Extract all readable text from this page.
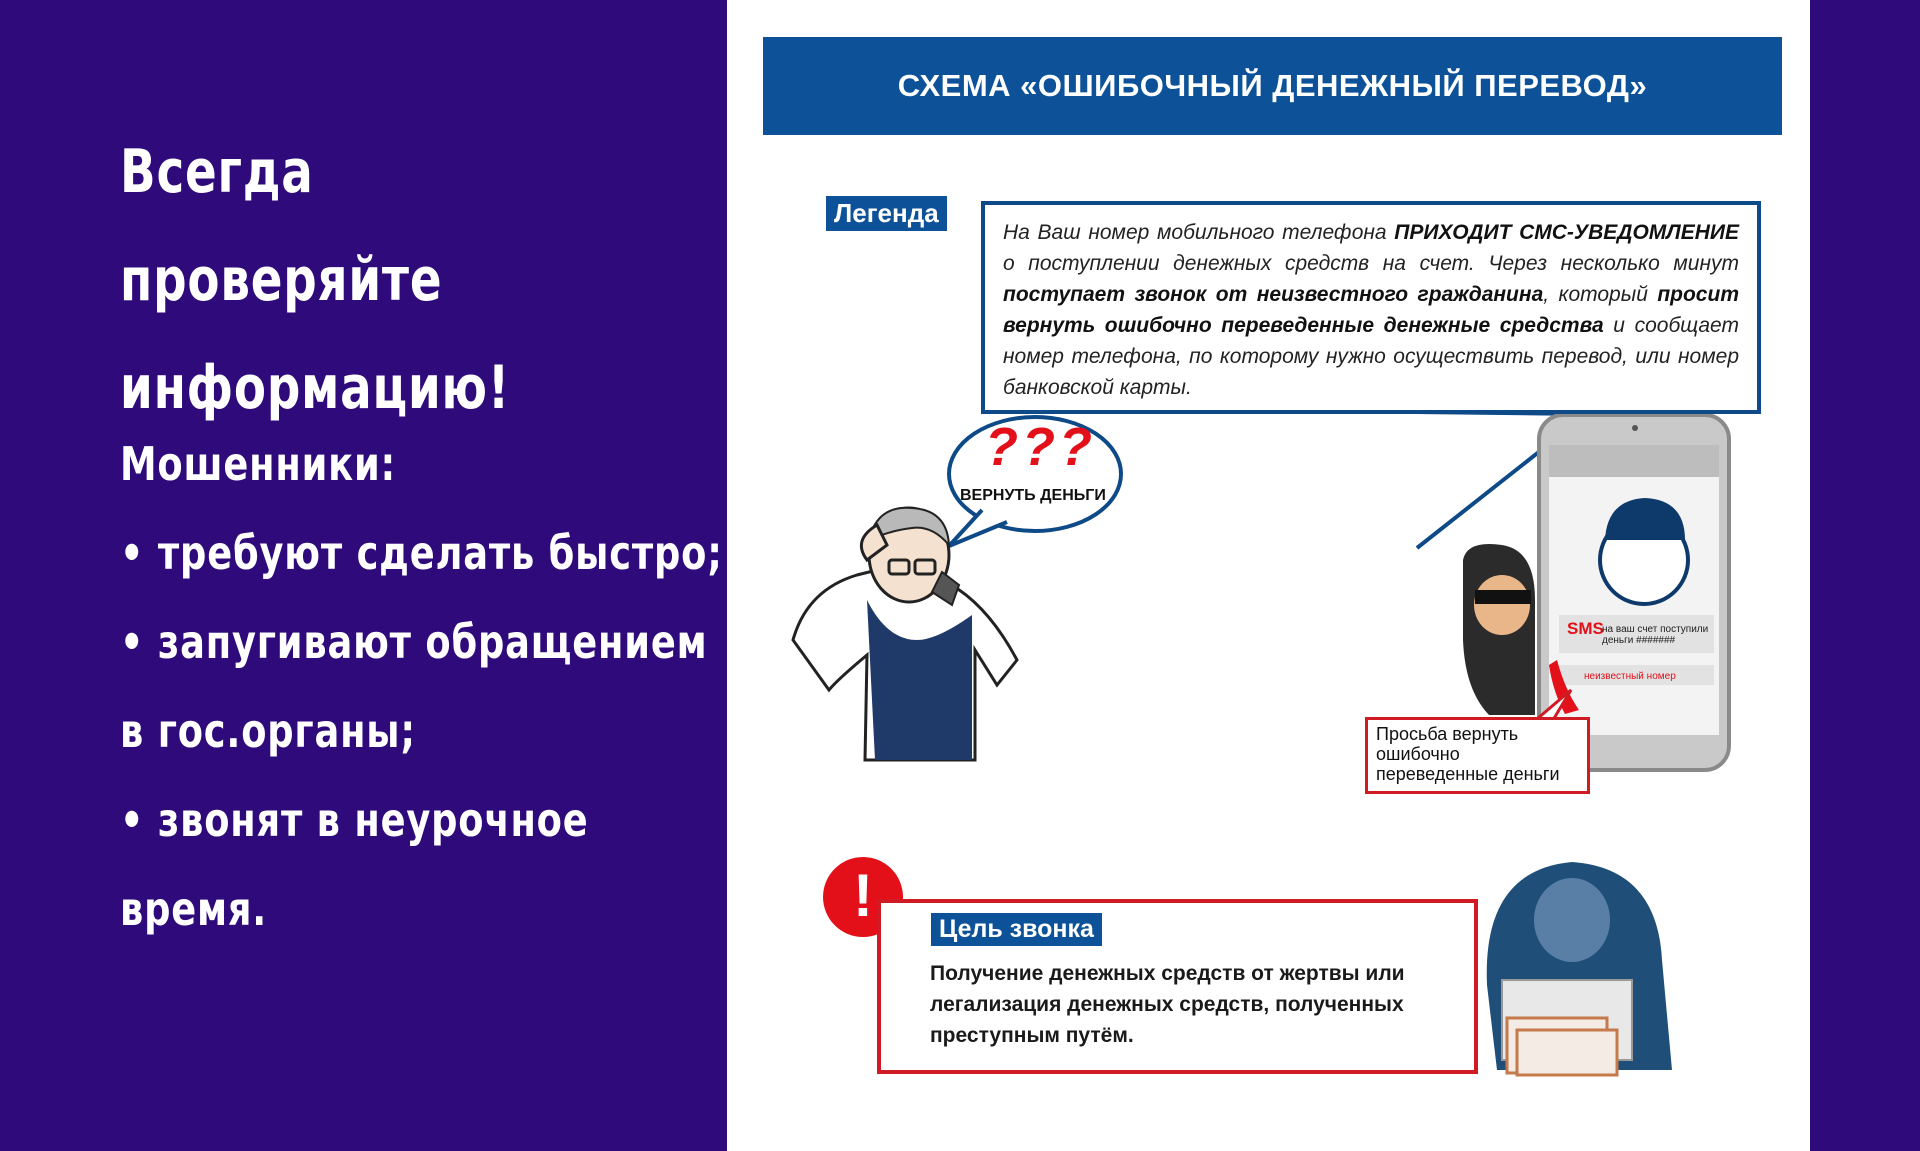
Всегда проверяйте
информацию!
Мошенники:
• требуют сделать быстро;
• запугивают обращением
в гос.органы;
• звонят в неурочное
время.
СХЕМА «ОШИБОЧНЫЙ ДЕНЕЖНЫЙ ПЕРЕВОД»
Легенда
На Ваш номер мобильного телефона ПРИХОДИТ СМС-УВЕДОМЛЕНИЕ о поступлении денежных средств на счет. Через несколько минут поступает звонок от неизвестного гражданина, который просит вернуть ошибочно переведенные денежные средства и сообщает номер телефона, по которому нужно осуществить перевод, или номер банковской карты.
???
ВЕРНУТЬ ДЕНЬГИ
SMS
на ваш счет поступили деньги #######
неизвестный номер
Просьба вернуть ошибочно переведенные деньги
!	Цель звонка
Получение денежных средств от жертвы или легализация денежных средств, полученных преступным путём.
